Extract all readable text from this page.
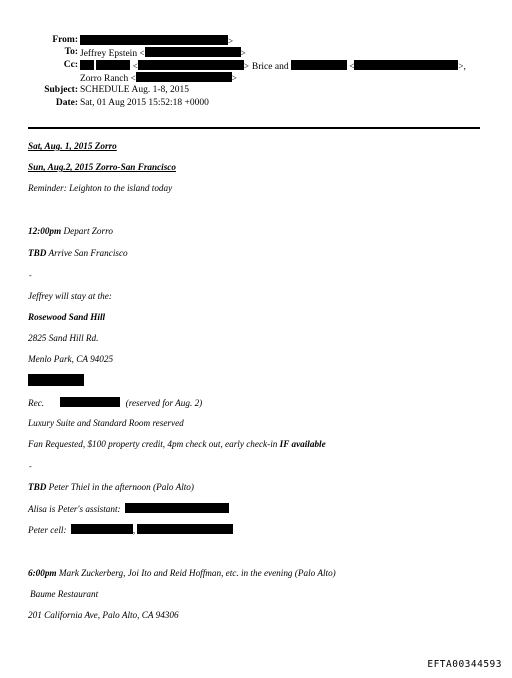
From:	>
To: Jeffrey Epstein <	>
Cc:	<	> Brice and	<	>,
Zorro Ranch <	>
Subject: SCHEDULE Aug. 1-8, 2015
Date: Sat, 01 Aug 2015 15:52:18 +0000
Sat, Aug. 1, 2015 Zorro
Sun, Aug.2, 2015 Zorro-San Francisco
Reminder: Leighton to the island today
12:00pm Depart Zorro
TBD Arrive San Francisco
-
Jeffrey will stay at the:
Rosewood Sand Hill
2825 Sand Hill Rd.
Menlo Park, CA 94025
Rec.	(reserved for Aug. 2)
Luxury Suite and Standard Room reserved
Fan Requested, $100 property credit, 4pm check out, early check-in IF available
-
TBD Peter Thiel in the afternoon (Palo Alto)
Alisa is Peter's assistant:
Peter cell:	,
6:00pm Mark Zuckerberg, Joi Ito and Reid Hoffman, etc. in the evening (Palo Alto)
Baume Restaurant
201 California Ave, Palo Alto, CA 94306
EFTA00344593
